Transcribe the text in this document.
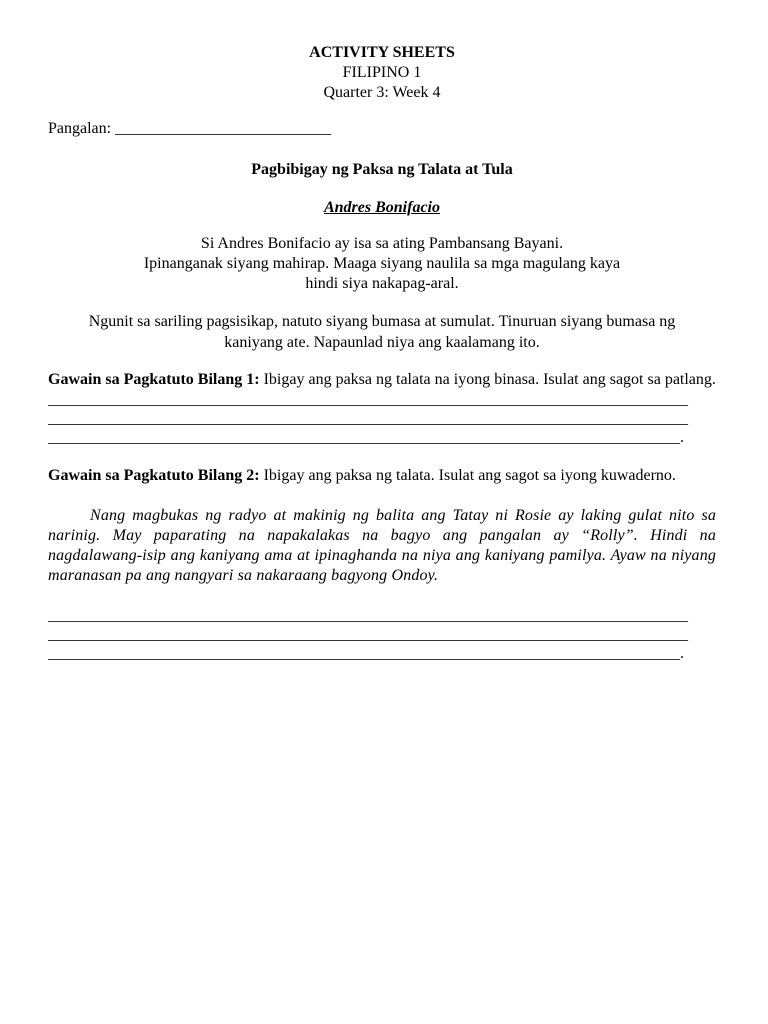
ACTIVITY SHEETS
FILIPINO 1
Quarter 3: Week 4
Pangalan: ___________________________
Pagbibigay ng Paksa ng Talata at Tula
Andres Bonifacio
Si Andres Bonifacio ay isa sa ating Pambansang Bayani.
Ipinanganak siyang mahirap. Maaga siyang naulila sa mga magulang kaya
hindi siya nakapag-aral.
Ngunit sa sariling pagsisikap, natuto siyang bumasa at sumulat. Tinuruan siyang bumasa ng
kaniyang ate. Napaunlad niya ang kaalamang ito.
Gawain sa Pagkatuto Bilang 1: Ibigay ang paksa ng talata na iyong binasa. Isulat ang sagot sa patlang.
________________________________________________________________________________
________________________________________________________________________________
_______________________________________________________________________________.
Gawain sa Pagkatuto Bilang 2: Ibigay ang paksa ng talata. Isulat ang sagot sa iyong kuwaderno.
Nang magbukas ng radyo at makinig ng balita ang Tatay ni Rosie ay laking gulat nito sa narinig. May paparating na napakalakas na bagyo ang pangalan ay “Rolly”. Hindi na nagdalawang-isip ang kaniyang ama at ipinaghanda na niya ang kaniyang pamilya. Ayaw na niyang maranasan pa ang nangyari sa nakaraang bagyong Ondoy.
________________________________________________________________________________
________________________________________________________________________________
_______________________________________________________________________________.
